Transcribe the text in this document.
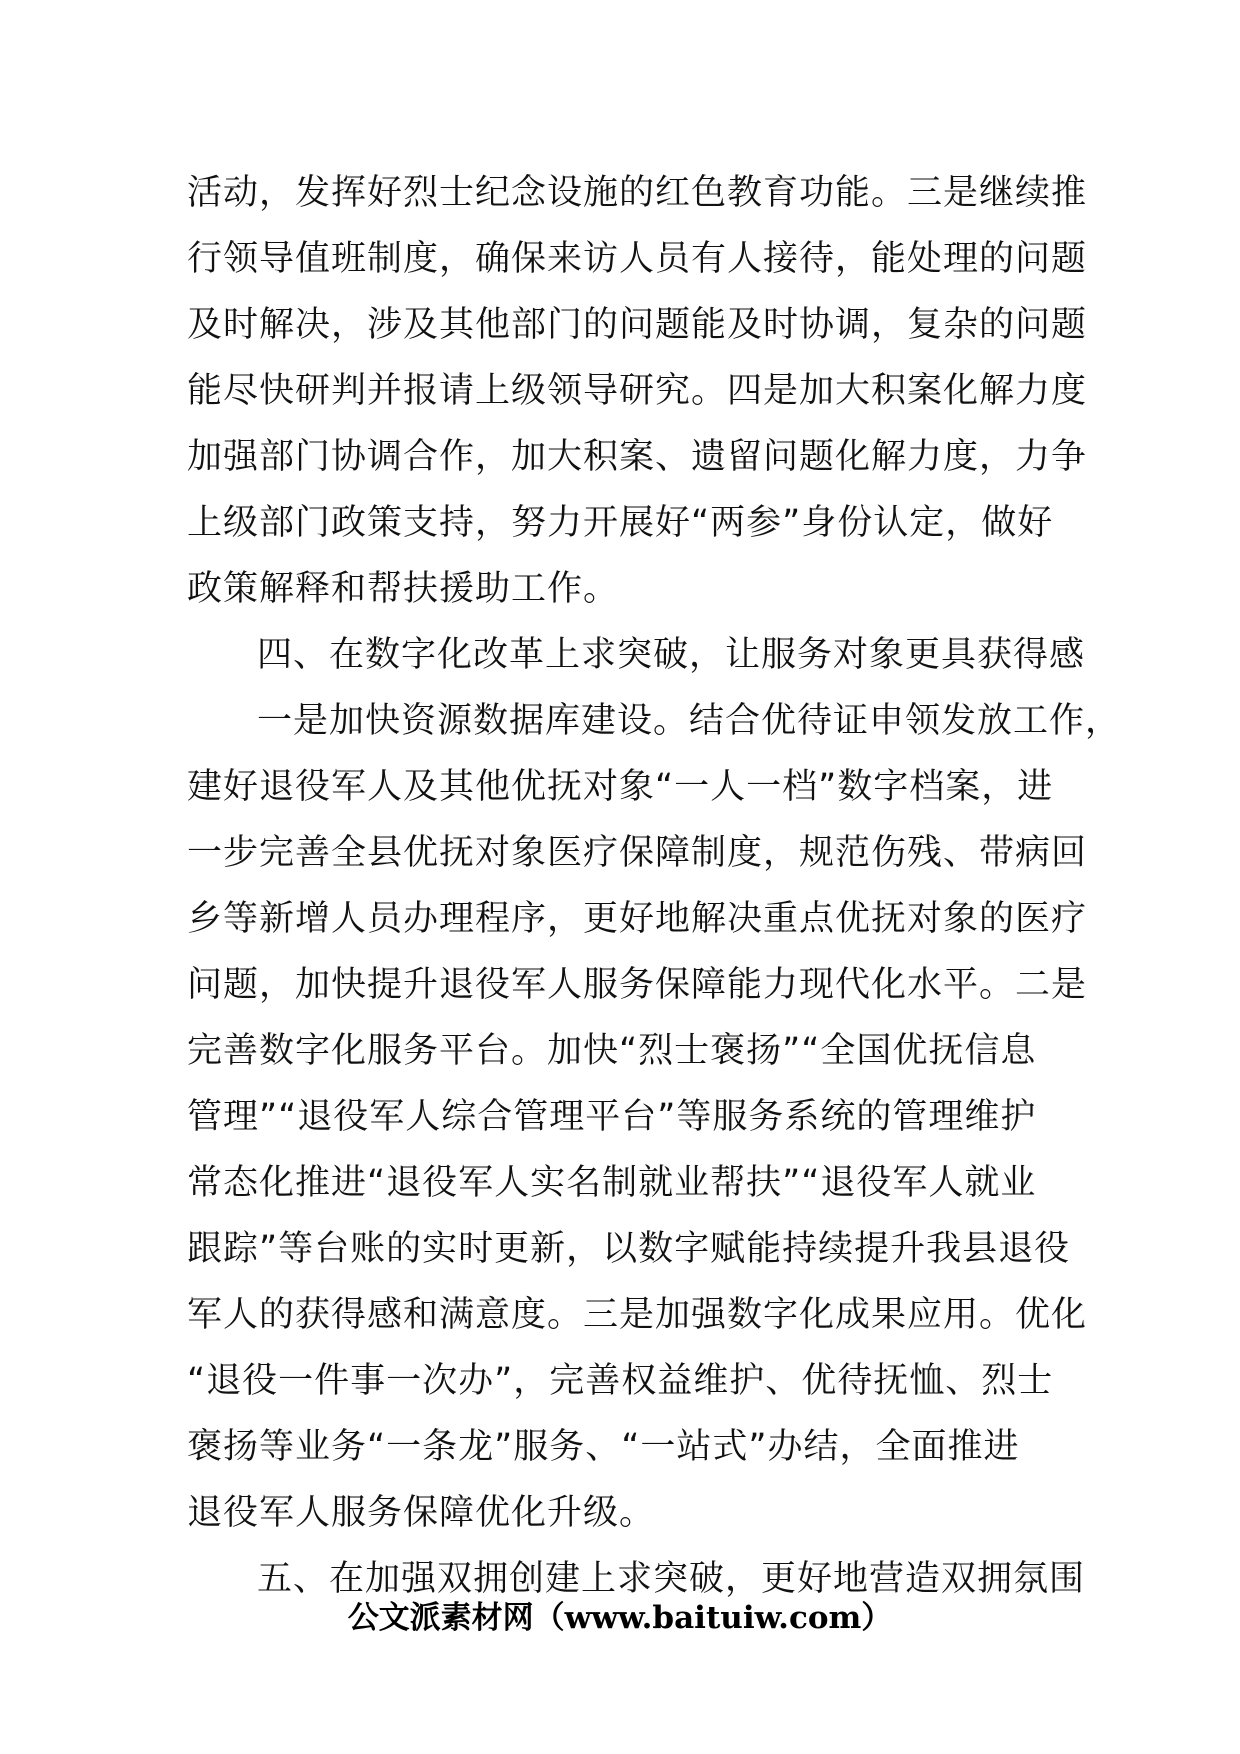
活动，发挥好烈士纪念设施的红色教育功能。三是继续推
行领导值班制度，确保来访人员有人接待，能处理的问题
及时解决，涉及其他部门的问题能及时协调，复杂的问题
能尽快研判并报请上级领导研究。四是加大积案化解力度
加强部门协调合作，加大积案、遗留问题化解力度，力争
上级部门政策支持，努力开展好“两参”身份认定，做好
政策解释和帮扶援助工作。
四、在数字化改革上求突破，让服务对象更具获得感
一是加快资源数据库建设。结合优待证申领发放工作，
建好退役军人及其他优抚对象“一人一档”数字档案，进
一步完善全县优抚对象医疗保障制度，规范伤残、带病回
乡等新增人员办理程序，更好地解决重点优抚对象的医疗
问题，加快提升退役军人服务保障能力现代化水平。二是
完善数字化服务平台。加快“烈士褒扬”“全国优抚信息
管理”“退役军人综合管理平台”等服务系统的管理维护
常态化推进“退役军人实名制就业帮扶”“退役军人就业
跟踪”等台账的实时更新，以数字赋能持续提升我县退役
军人的获得感和满意度。三是加强数字化成果应用。优化
“退役一件事一次办”，完善权益维护、优待抚恤、烈士
褒扬等业务“一条龙”服务、“一站式”办结，全面推进
退役军人服务保障优化升级。
五、在加强双拥创建上求突破，更好地营造双拥氛围
公文派素材网（www.baituiw.com）
